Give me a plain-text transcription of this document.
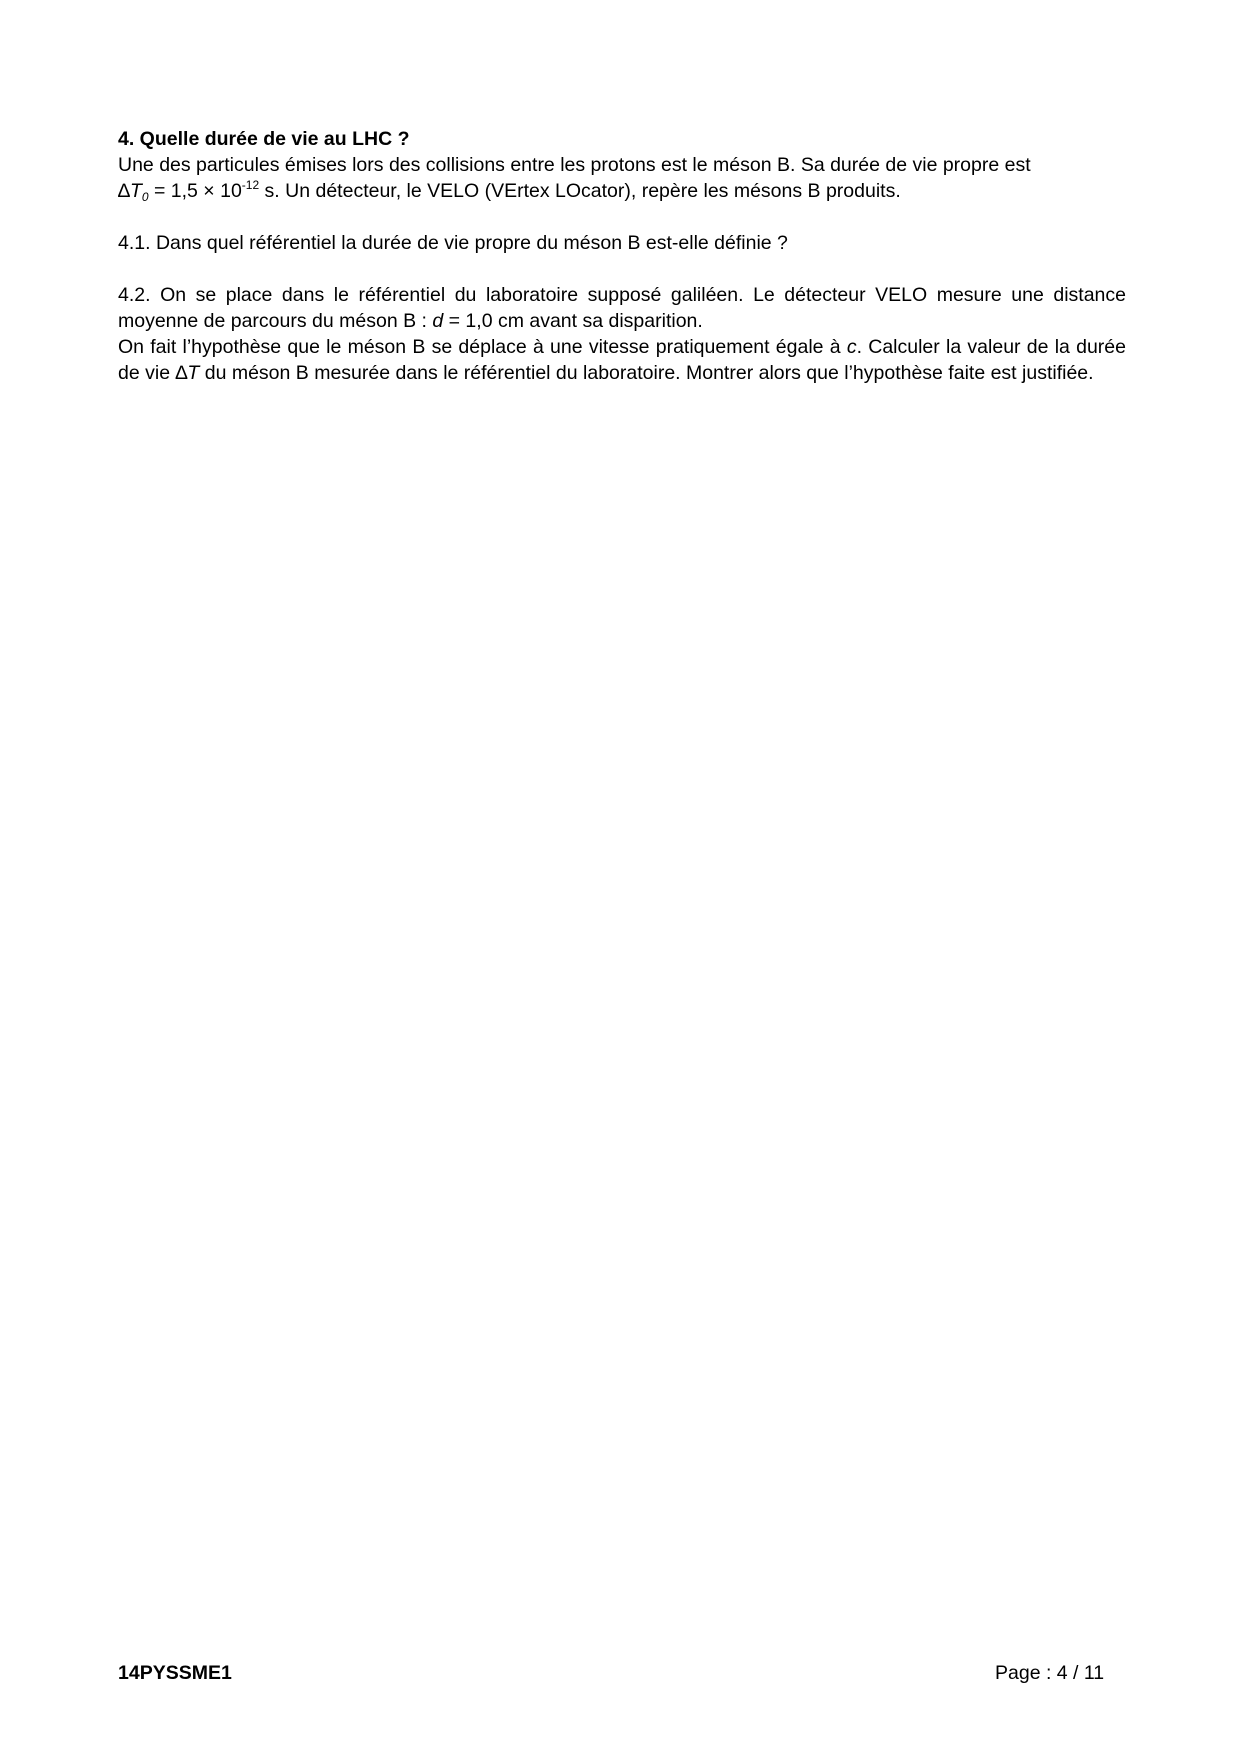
4. Quelle durée de vie au LHC ?

Une des particules émises lors des collisions entre les protons est le méson B. Sa durée de vie propre est
$\Delta T_0 = 1,5 \times 10^{-12}$ s. Un détecteur, le VELO (VErtex LOcator), repère les mésons B produits.

4.1. Dans quel référentiel la durée de vie propre du méson B est-elle définie ?

4.2. On se place dans le référentiel du laboratoire supposé galiléen. Le détecteur VELO mesure une distance moyenne de parcours du méson B : d = 1,0 cm avant sa disparition.
On fait l’hypothèse que le méson B se déplace à une vitesse pratiquement égale à c. Calculer la valeur de la durée de vie ∆T du méson B mesurée dans le référentiel du laboratoire. Montrer alors que l’hypothèse faite est justifiée.

14PYSSME1	Page : 4 / 11
